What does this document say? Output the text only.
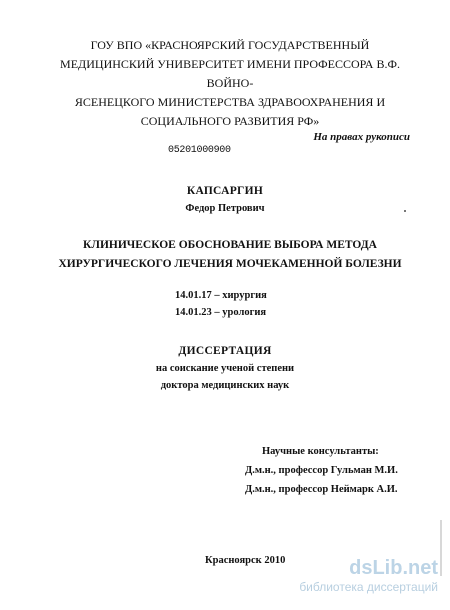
ГОУ ВПО «КРАСНОЯРСКИЙ ГОСУДАРСТВЕННЫЙ
МЕДИЦИНСКИЙ УНИВЕРСИТЕТ ИМЕНИ ПРОФЕССОРА В.Ф. ВОЙНО-
ЯСЕНЕЦКОГО МИНИСТЕРСТВА ЗДРАВООХРАНЕНИЯ И
СОЦИАЛЬНОГО РАЗВИТИЯ РФ»
На правах рукописи
05201000900
КАПСАРГИН
Федор Петрович
КЛИНИЧЕСКОЕ ОБОСНОВАНИЕ ВЫБОРА МЕТОДА
ХИРУРГИЧЕСКОГО ЛЕЧЕНИЯ МОЧЕКАМЕННОЙ БОЛЕЗНИ
14.01.17 – хирургия
14.01.23 – урология
ДИССЕРТАЦИЯ
на соискание ученой степени
доктора медицинских наук
Научные консультанты:
Д.м.н., профессор Гульман М.И.
Д.м.н., профессор Неймарк А.И.
Красноярск 2010	dsLib.net
библиотека диссертаций
